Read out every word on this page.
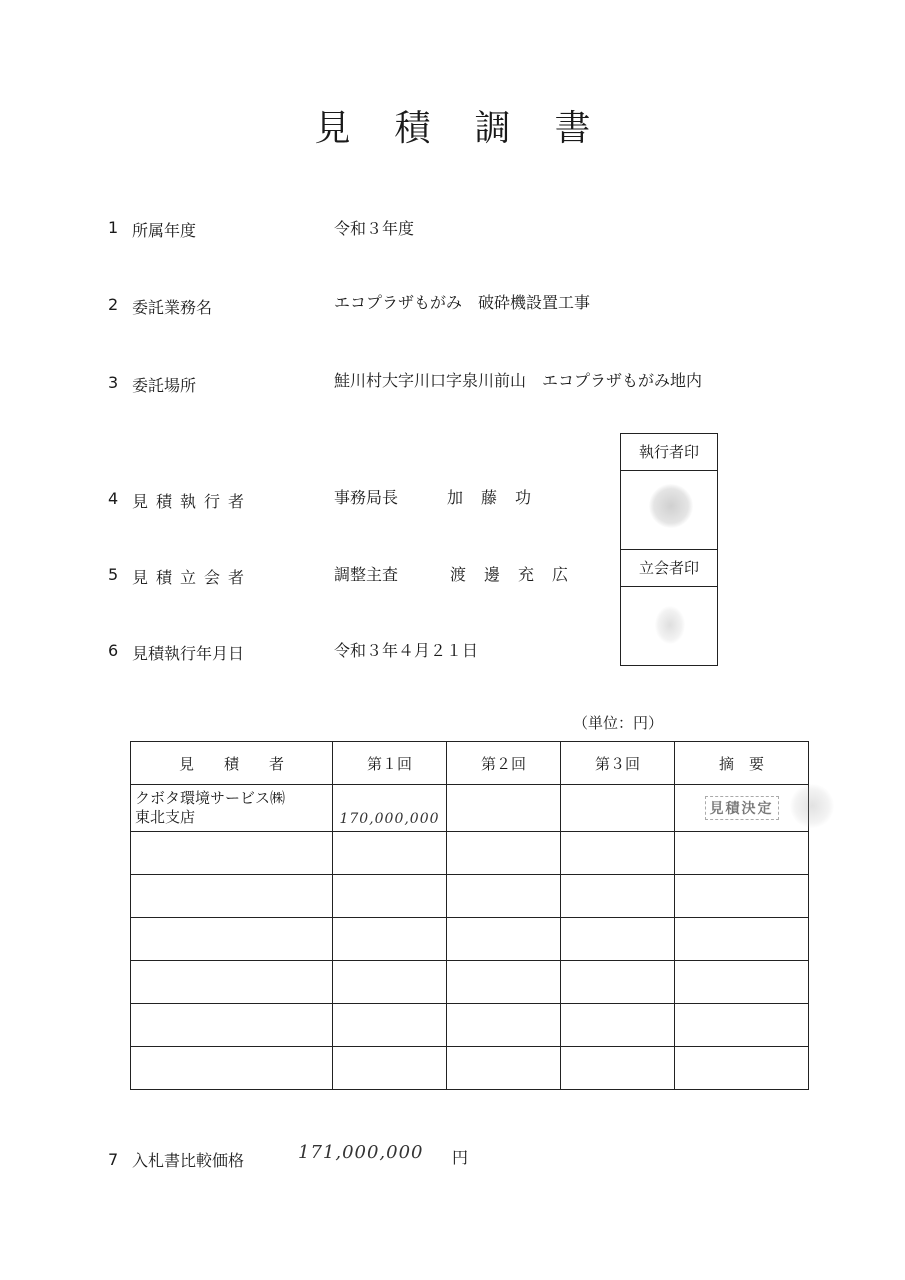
見積調書
1 所属年度	令和３年度
2 委託業務名	エコプラザもがみ　破砕機設置工事
3 委託場所	鮭川村大字川口字泉川前山　エコプラザもがみ地内
4 見積執行者	事務局長	加藤功
5 見積立会者	調整主査	渡邊充広
6 見積執行年月日	令和３年４月２１日
執行者印
立会者印
（単位：円）
見　　積　　者	第１回	第２回	第３回	摘　要

クボタ環境サービス㈱
東北支店	170,000,000			見積決定

7 入札書比較価格	171,000,000 円
